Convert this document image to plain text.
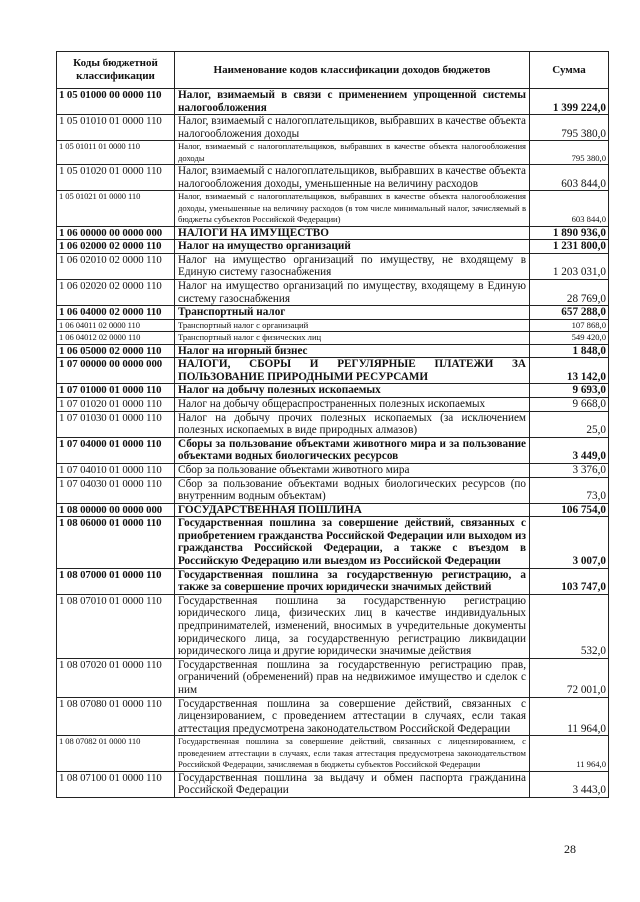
Коды бюджетной классификации	Наименование кодов классификации доходов бюджетов	Сумма
1 05 01000 00 0000 110	Налог, взимаемый в связи с применением упрощенной системы налогообложения	1 399 224,0
1 05 01010 01 0000 110	Налог, взимаемый с налогоплательщиков, выбравших в качестве объекта налогообложения доходы	795 380,0
1 05 01011 01 0000 110	Налог, взимаемый с налогоплательщиков, выбравших в качестве объекта налогообложения доходы	795 380,0
1 05 01020 01 0000 110	Налог, взимаемый с налогоплательщиков, выбравших в качестве объекта налогообложения доходы, уменьшенные на величину расходов	603 844,0
1 05 01021 01 0000 110	Налог, взимаемый с налогоплательщиков, выбравших в качестве объекта налогообложения доходы, уменьшенные на величину расходов (в том числе минимальный налог, зачисляемый в бюджеты субъектов Российской Федерации)	603 844,0
1 06 00000 00 0000 000	НАЛОГИ НА ИМУЩЕСТВО	1 890 936,0
1 06 02000 02 0000 110	Налог на имущество организаций	1 231 800,0
1 06 02010 02 0000 110	Налог на имущество организаций по имуществу, не входящему в Единую систему газоснабжения	1 203 031,0
1 06 02020 02 0000 110	Налог на имущество организаций по имуществу, входящему в Единую систему газоснабжения	28 769,0
1 06 04000 02 0000 110	Транспортный налог	657 288,0
1 06 04011 02 0000 110	Транспортный налог с организаций	107 868,0
1 06 04012 02 0000 110	Транспортный налог с физических лиц	549 420,0
1 06 05000 02 0000 110	Налог на игорный бизнес	1 848,0
1 07 00000 00 0000 000	НАЛОГИ, СБОРЫ И РЕГУЛЯРНЫЕ ПЛАТЕЖИ ЗА ПОЛЬЗОВАНИЕ ПРИРОДНЫМИ РЕСУРСАМИ	13 142,0
1 07 01000 01 0000 110	Налог на добычу полезных ископаемых	9 693,0
1 07 01020 01 0000 110	Налог на добычу общераспространенных полезных ископаемых	9 668,0
1 07 01030 01 0000 110	Налог на добычу прочих полезных ископаемых (за исключением полезных ископаемых в виде природных алмазов)	25,0
1 07 04000 01 0000 110	Сборы за пользование объектами животного мира и за пользование объектами водных биологических ресурсов	3 449,0
1 07 04010 01 0000 110	Сбор за пользование объектами животного мира	3 376,0
1 07 04030 01 0000 110	Сбор за пользование объектами водных биологических ресурсов (по внутренним водным объектам)	73,0
1 08 00000 00 0000 000	ГОСУДАРСТВЕННАЯ ПОШЛИНА	106 754,0
1 08 06000 01 0000 110	Государственная пошлина за совершение действий, связанных с приобретением гражданства Российской Федерации или выходом из гражданства Российской Федерации, а также с въездом в Российскую Федерацию или выездом из Российской Федерации	3 007,0
1 08 07000 01 0000 110	Государственная пошлина за государственную регистрацию, а также за совершение прочих юридически значимых действий	103 747,0
1 08 07010 01 0000 110	Государственная пошлина за государственную регистрацию юридического лица, физических лиц в качестве индивидуальных предпринимателей, изменений, вносимых в учредительные документы юридического лица, за государственную регистрацию ликвидации юридического лица и другие юридически значимые действия	532,0
1 08 07020 01 0000 110	Государственная пошлина за государственную регистрацию прав, ограничений (обременений) прав на недвижимое имущество и сделок с ним	72 001,0
1 08 07080 01 0000 110	Государственная пошлина за совершение действий, связанных с лицензированием, с проведением аттестации в случаях, если такая аттестация предусмотрена законодательством Российской Федерации	11 964,0
1 08 07082 01 0000 110	Государственная пошлина за совершение действий, связанных с лицензированием, с проведением аттестации в случаях, если такая аттестация предусмотрена законодательством Российской Федерации, зачисляемая в бюджеты субъектов Российской Федерации	11 964,0
1 08 07100 01 0000 110	Государственная пошлина за выдачу и обмен паспорта гражданина Российской Федерации	3 443,0
28
